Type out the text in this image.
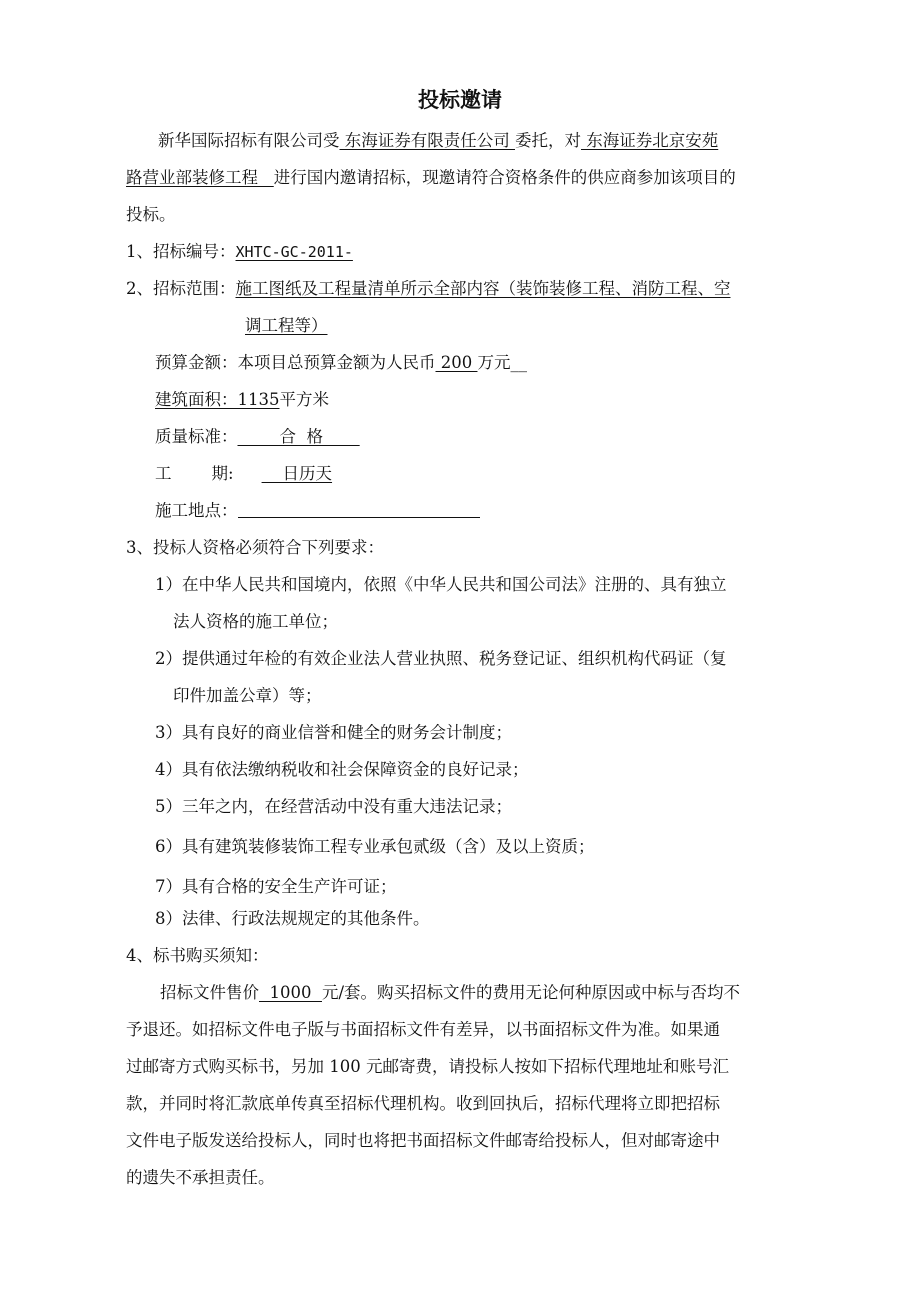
投标邀请
新华国际招标有限公司受 东海证券有限责任公司 委托，对 东海证券北京安苑
路营业部装修工程   进行国内邀请招标，现邀请符合资格条件的供应商参加该项目的
投标。
1、招标编号：XHTC-GC-2011-
2、招标范围：施工图纸及工程量清单所示全部内容（装饰装修工程、消防工程、空
调工程等）
预算金额：本项目总预算金额为人民币 200 万元__
建筑面积：1135平方米
质量标准：        合  格
工 期:    日历天
施工地点：
3、投标人资格必须符合下列要求：
1）在中华人民共和国境内，依照《中华人民共和国公司法》注册的、具有独立
法人资格的施工单位；
2）提供通过年检的有效企业法人营业执照、税务登记证、组织机构代码证（复
印件加盖公章）等；
3）具有良好的商业信誉和健全的财务会计制度；
4）具有依法缴纳税收和社会保障资金的良好记录；
5）三年之内，在经营活动中没有重大违法记录；
6）具有建筑装修装饰工程专业承包贰级（含）及以上资质；
7）具有合格的安全生产许可证；
8）法律、行政法规规定的其他条件。
4、标书购买须知：
招标文件售价  1000  元/套。购买招标文件的费用无论何种原因或中标与否均不
予退还。如招标文件电子版与书面招标文件有差异，以书面招标文件为准。如果通
过邮寄方式购买标书，另加 100 元邮寄费，请投标人按如下招标代理地址和账号汇
款，并同时将汇款底单传真至招标代理机构。收到回执后，招标代理将立即把招标
文件电子版发送给投标人，同时也将把书面招标文件邮寄给投标人，但对邮寄途中
的遗失不承担责任。
